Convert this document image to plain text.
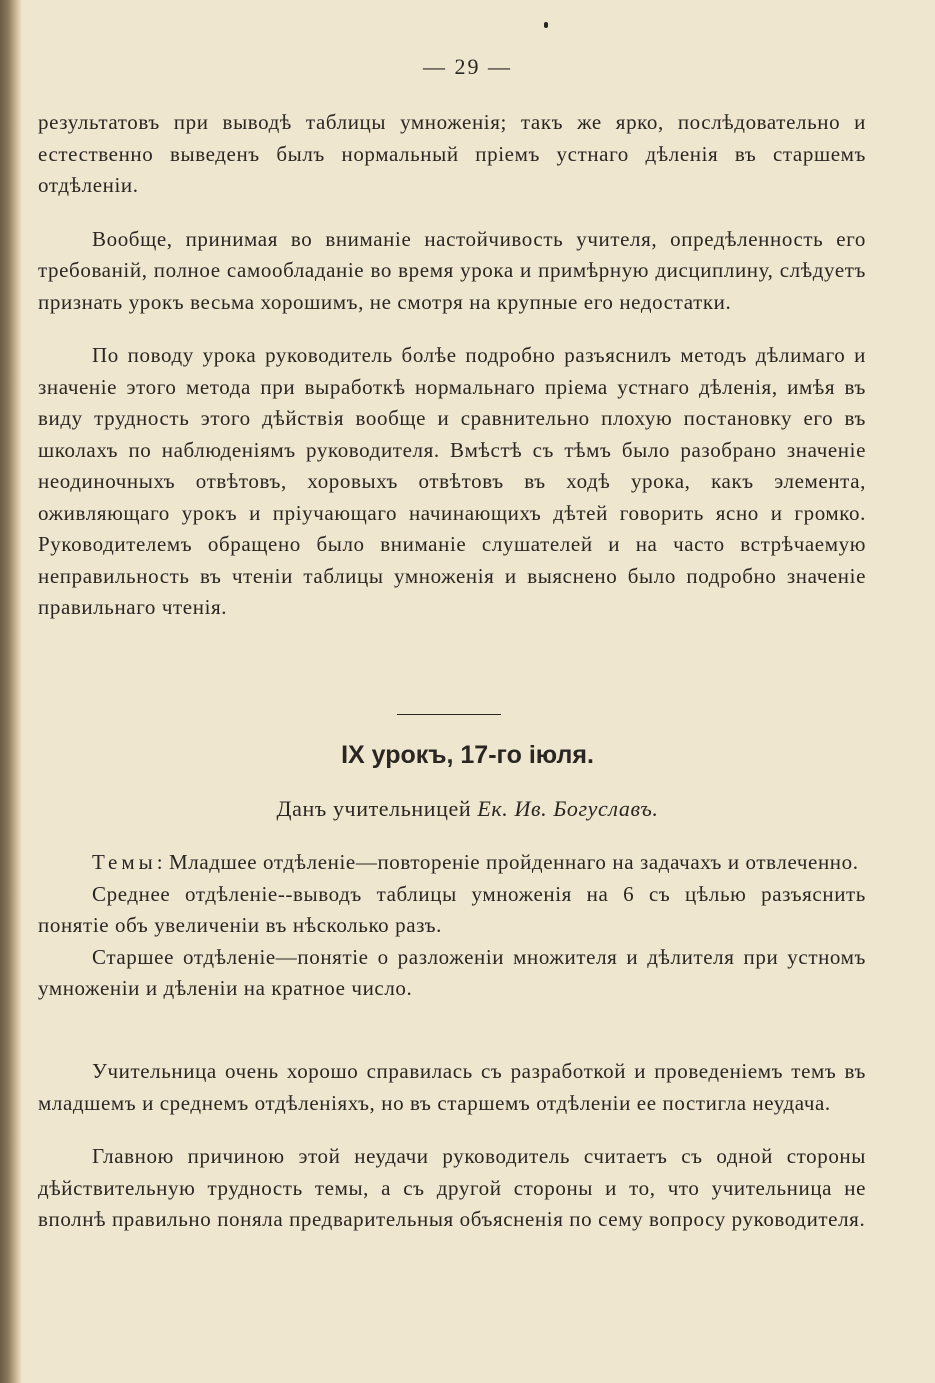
— 29 —

результатовъ при выводѣ таблицы умноженія; такъ же ярко, послѣдовательно и естественно выведенъ былъ нормальный пріемъ устнаго дѣленія въ старшемъ отдѣленіи.

Вообще, принимая во вниманіе настойчивость учителя, опредѣленность его требованій, полное самообладаніе во время урока и примѣрную дисциплину, слѣдуетъ признать урокъ весьма хорошимъ, не смотря на крупные его недостатки.

По поводу урока руководитель болѣе подробно разъяснилъ методъ дѣлимаго и значеніе этого метода при выработкѣ нормальнаго пріема устнаго дѣленія, имѣя въ виду трудность этого дѣйствія вообще и сравнительно плохую постановку его въ школахъ по наблюденіямъ руководителя. Вмѣстѣ съ тѣмъ было разобрано значеніе неодиночныхъ отвѣтовъ, хоровыхъ отвѣтовъ въ ходѣ урока, какъ элемента, оживляющаго урокъ и пріучающаго начинающихъ дѣтей говорить ясно и громко. Руководителемъ обращено было вниманіе слушателей и на часто встрѣчаемую неправильность въ чтеніи таблицы умноженія и выяснено было подробно значеніе правильнаго чтенія.

IX урокъ, 17-го іюля.
Данъ учительницей Ек. Ив. Богуславъ.

Темы: Младшее отдѣленіе—повтореніе пройденнаго на задачахъ и отвлеченно.

Среднее отдѣленіе--выводъ таблицы умноженія на 6 съ цѣлью разъяснить понятіе объ увеличеніи въ нѣсколько разъ.

Старшее отдѣленіе—понятіе о разложеніи множителя и дѣлителя при устномъ умноженіи и дѣленіи на кратное число.

Учительница очень хорошо справилась съ разработкой и проведеніемъ темъ въ младшемъ и среднемъ отдѣленіяхъ, но въ старшемъ отдѣленіи ее постигла неудача.

Главною причиною этой неудачи руководитель считаетъ съ одной стороны дѣйствительную трудность темы, а съ другой стороны и то, что учительница не вполнѣ правильно поняла предварительныя объясненія по сему вопросу руководителя.
